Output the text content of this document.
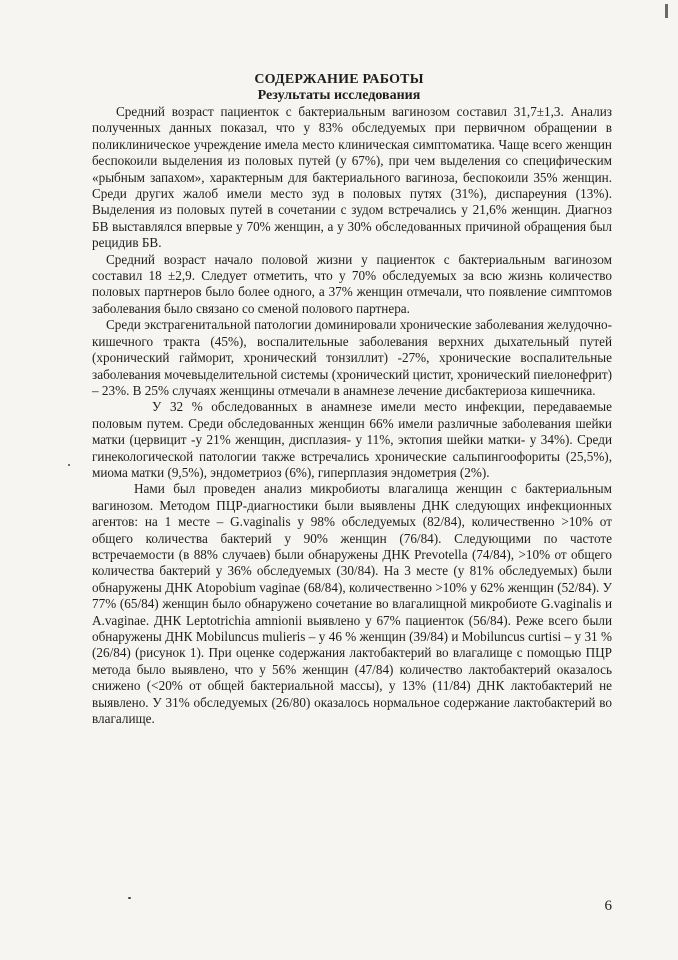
СОДЕРЖАНИЕ РАБОТЫ
Результаты исследования

Средний возраст пациенток с бактериальным вагинозом составил 31,7±1,3. Анализ полученных данных показал, что у 83% обследуемых при первичном обращении в поликлиническое учреждение имела место клиническая симптоматика. Чаще всего женщин беспокоили выделения из половых путей (у 67%), при чем выделения со специфическим «рыбным запахом», характерным для бактериального вагиноза, беспокоили 35% женщин. Среди других жалоб имели место зуд в половых путях (31%), диспареуния (13%). Выделения из половых путей в сочетании с зудом встречались у 21,6% женщин. Диагноз БВ выставлялся впервые у 70% женщин, а у 30% обследованных причиной обращения был рецидив БВ.

Средний возраст начало половой жизни у пациенток с бактериальным вагинозом составил 18 ±2,9. Следует отметить, что у 70% обследуемых за всю жизнь количество половых партнеров было более одного, а 37% женщин отмечали, что появление симптомов заболевания было связано со сменой полового партнера.

Среди экстрагенитальной патологии доминировали хронические заболевания желудочно-кишечного тракта (45%), воспалительные заболевания верхних дыхательный путей (хронический гаймoрит, хронический тонзиллит) -27%, хронические воспалительные заболевания мочевыделительной системы (хронический цистит, хронический пиелонефрит) – 23%. В 25% случаях женщины отмечали в анамнезе лечение дисбактериоза кишечника.

У 32 % обследованных в анамнезе имели место инфекции, передаваемые половым путем. Среди обследованных женщин 66% имели различные заболевания шейки матки (цервицит -у 21% женщин, дисплазия- у 11%, эктопия шейки матки- у 34%). Среди гинекологической патологии также встречались хронические сальпингоофориты (25,5%), миома матки (9,5%), эндометриоз (6%), гиперплазия эндометрия (2%).

Нами был проведен анализ микробиоты влагалища женщин с бактериальным вагинозом. Методом ПЦР-диагностики были выявлены ДНК следующих инфекционных агентов: на 1 месте – G.vaginalis у 98% обследуемых (82/84), количественно >10% от общего количества бактерий у 90% женщин (76/84). Следующими по частоте встречаемости (в 88% случаев) были обнаружены ДНК Prevotella (74/84), >10% от общего количества бактерий у 36% обследуемых (30/84). На 3 месте (у 81% обследуемых) были обнаружены ДНК Atopobium vaginae (68/84), количественно >10% у 62% женщин (52/84). У 77% (65/84) женщин было обнаружено сочетание во влагалищной микробиоте G.vaginalis и A.vaginae. ДНК Leptotrichia amnionii выявлено у 67% пациенток (56/84). Реже всего были обнаружены ДНК Mobiluncus mulieris – у 46 % женщин (39/84) и Mobiluncus curtisi – у 31 % (26/84) (рисунок 1). При оценке содержания лактобактерий во влагалище с помощью ПЦР метода было выявлено, что у 56% женщин (47/84) количество лактобактерий оказалось снижено (<20% от общей бактериальной массы), у 13% (11/84) ДНК лактобактерий не выявлено. У 31% обследуемых (26/80) оказалось нормальное содержание лактобактерий во влагалище.

6
